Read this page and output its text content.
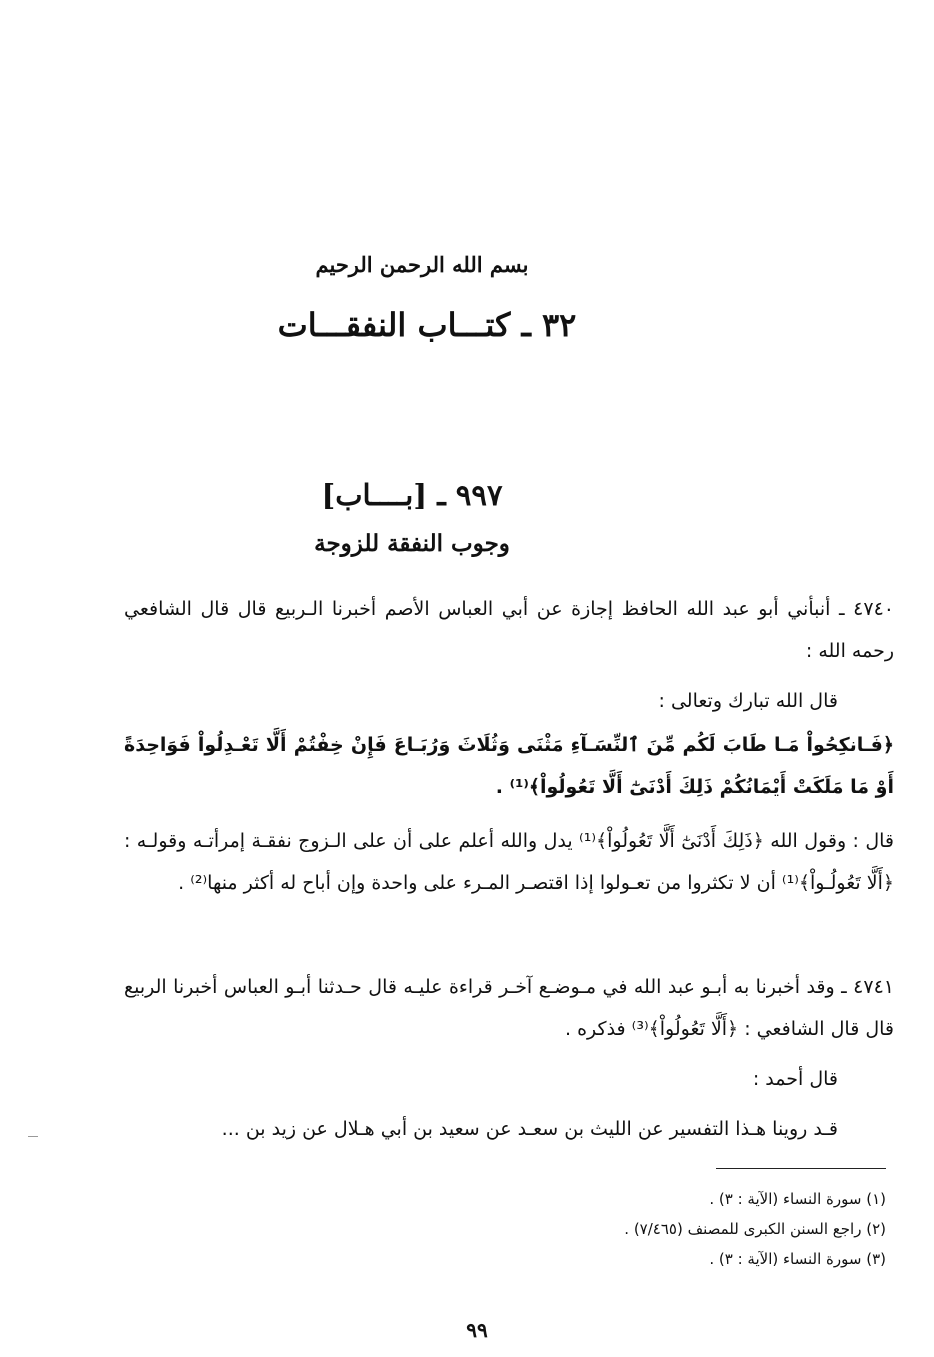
بسم الله الرحمن الرحيم
٣٢ ـ كتـــاب النفقـــات
٩٩٧ ـ [بــــاب]
وجوب النفقة للزوجة
٤٧٤٠ ـ أنبأني أبو عبد الله الحافظ إجازة عن أبي العباس الأصم أخبرنا الـربيع قال قال الشافعي رحمه الله :
قال الله تبارك وتعالى :
﴿فَـانكِحُواْ مَـا طَابَ لَكُم مِّنَ ٱلنِّسَـآءِ مَثْنَى وَثُلَاثَ وَرُبَـاعَ فَإِنْ خِفْتُمْ أَلَّا تَعْـدِلُواْ فَوَاحِدَةً أَوْ مَا مَلَكَتْ أَيْمَانُكُمْ ذَلِكَ أَدْنَىٰٓ أَلَّا تَعُولُواْ﴾⁽¹⁾ .
قال : وقول الله ﴿ذَلِكَ أَدْنَىٰٓ أَلَّا تَعُولُواْ﴾⁽¹⁾ يدل والله أعلم على أن على الـزوج نفقـة إمرأتـه وقولـه : ﴿أَلَّا تَعُولُـواْ﴾⁽¹⁾ أن لا تكثروا من تعـولوا إذا اقتصـر المـرء على واحدة وإن أباح له أكثر منها⁽²⁾ .
٤٧٤١ ـ وقد أخبرنا به أبـو عبد الله في مـوضـع آخـر قراءة عليـه قال حـدثنا أبـو العباس أخبرنا الربيع قال قال الشافعي : ﴿أَلَّا تَعُولُواْ﴾⁽³⁾ فذكره .
قال أحمد :
قـد روينا هـذا التفسير عن الليث بن سعـد عن سعيد بن أبي هـلال عن زيد بن ...
(١) سورة النساء (الآية : ٣) .
(٢) راجع السنن الكبرى للمصنف (٧/٤٦٥) .
(٣) سورة النساء (الآية : ٣) .
٩٩
